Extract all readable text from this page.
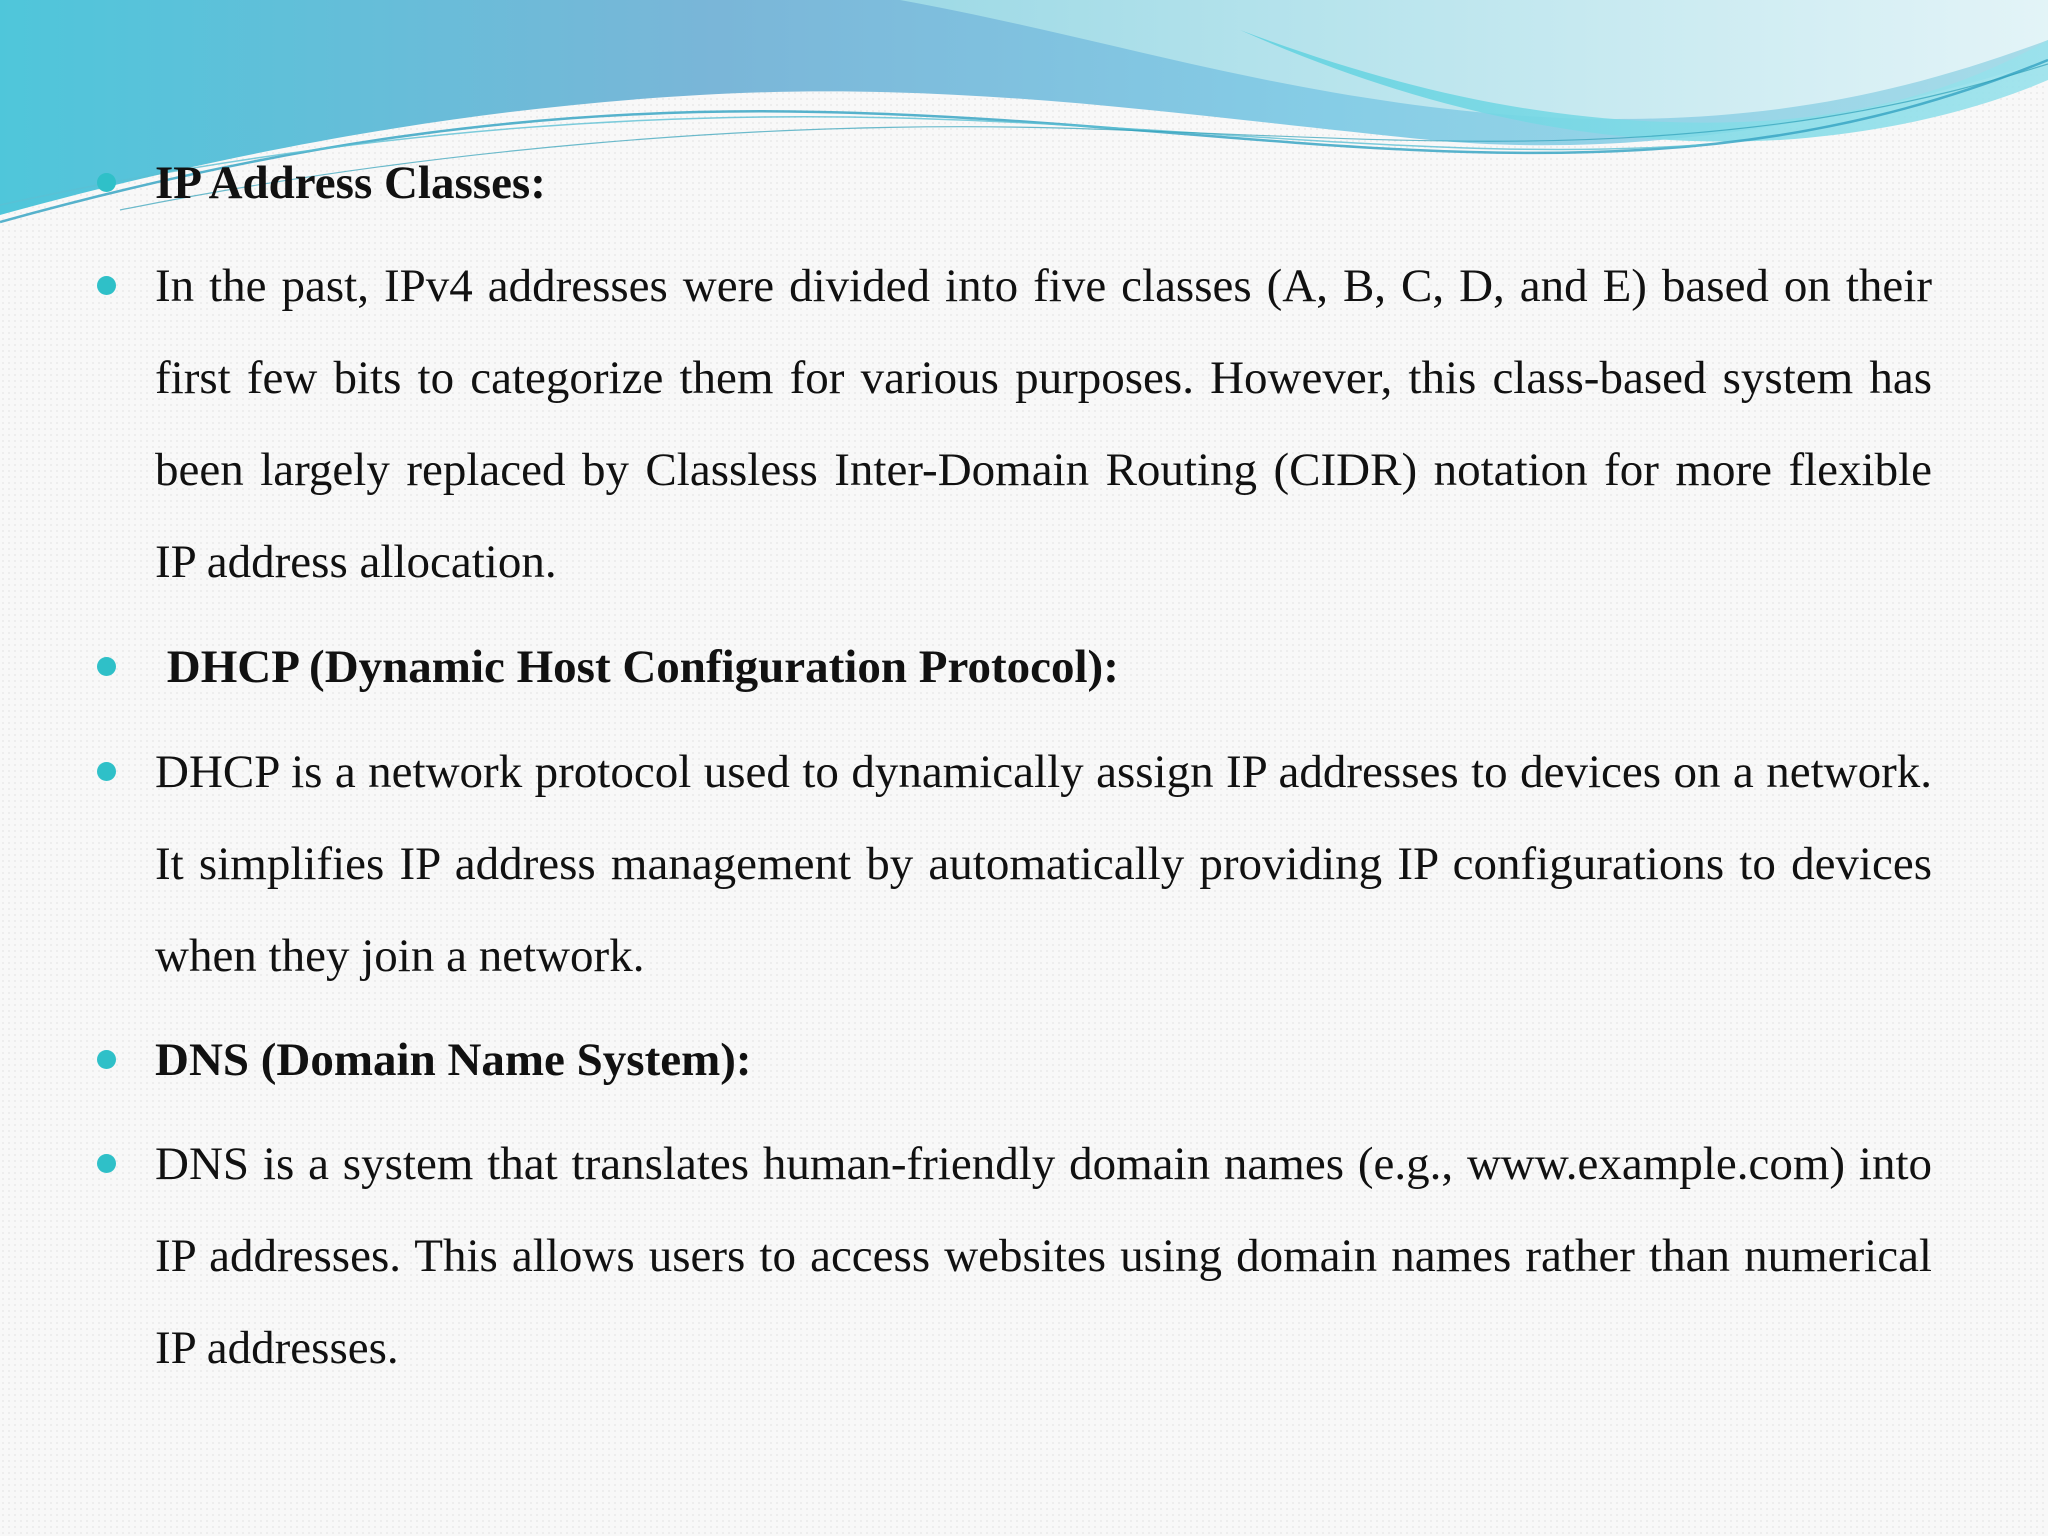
IP Address Classes:

In the past, IPv4 addresses were divided into five classes (A, B, C, D, and E) based on their first few bits to categorize them for various purposes. However, this class-based system has been largely replaced by Classless Inter-Domain Routing (CIDR) notation for more flexible IP address allocation.

DHCP (Dynamic Host Configuration Protocol):

DHCP is a network protocol used to dynamically assign IP addresses to devices on a network. It simplifies IP address management by automatically providing IP configurations to devices when they join a network.

DNS (Domain Name System):

DNS is a system that translates human-friendly domain names (e.g., www.example.com) into IP addresses. This allows users to access websites using domain names rather than numerical IP addresses.
